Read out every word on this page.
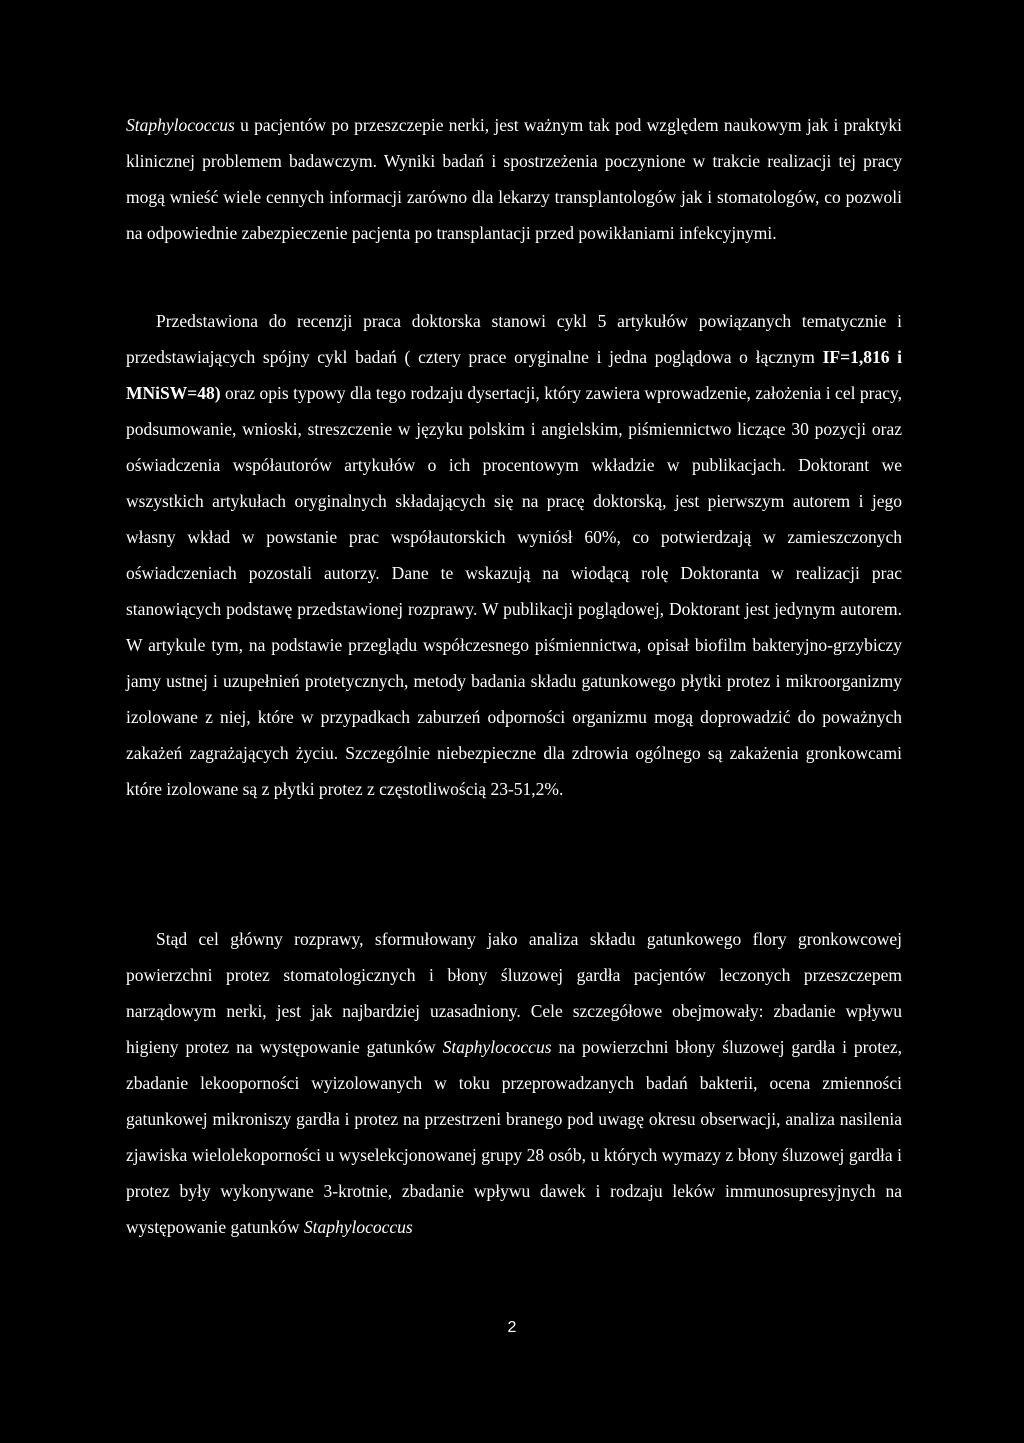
Staphylococcus u pacjentów po przeszczepie nerki, jest ważnym tak pod względem naukowym jak i praktyki klinicznej problemem badawczym. Wyniki badań i spostrzeżenia poczynione w trakcie realizacji tej pracy mogą wnieść wiele cennych informacji zarówno dla lekarzy transplantologów jak i stomatologów, co pozwoli na odpowiednie zabezpieczenie pacjenta po transplantacji przed powikłaniami infekcyjnymi.

Przedstawiona do recenzji praca doktorska stanowi cykl 5 artykułów powiązanych tematycznie i przedstawiających spójny cykl badań ( cztery prace oryginalne i jedna poglądowa o łącznym IF=1,816 i MNiSW=48) oraz opis typowy dla tego rodzaju dysertacji, który zawiera wprowadzenie, założenia i cel pracy, podsumowanie, wnioski, streszczenie w języku polskim i angielskim, piśmiennictwo liczące 30 pozycji oraz oświadczenia współautorów artykułów o ich procentowym wkładzie w publikacjach. Doktorant we wszystkich artykułach oryginalnych składających się na pracę doktorską, jest pierwszym autorem i jego własny wkład w powstanie prac współautorskich wyniósł 60%, co potwierdzają w zamieszczonych oświadczeniach pozostali autorzy. Dane te wskazują na wiodącą rolę Doktoranta w realizacji prac stanowiących podstawę przedstawionej rozprawy. W publikacji poglądowej, Doktorant jest jedynym autorem. W artykule tym, na podstawie przeglądu współczesnego piśmiennictwa, opisał biofilm bakteryjno-grzybiczy jamy ustnej i uzupełnień protetycznych, metody badania składu gatunkowego płytki protez i mikroorganizmy izolowane z niej, które w przypadkach zaburzeń odporności organizmu mogą doprowadzić do poważnych zakażeń zagrażających życiu. Szczególnie niebezpieczne dla zdrowia ogólnego są zakażenia gronkowcami które izolowane są z płytki protez z częstotliwością 23-51,2%.

Stąd cel główny rozprawy, sformułowany jako analiza składu gatunkowego flory gronkowcowej powierzchni protez stomatologicznych i błony śluzowej gardła pacjentów leczonych przeszczepem narządowym nerki, jest jak najbardziej uzasadniony. Cele szczegółowe obejmowały: zbadanie wpływu higieny protez na występowanie gatunków Staphylococcus na powierzchni błony śluzowej gardła i protez, zbadanie lekooporności wyizolowanych w toku przeprowadzanych badań bakterii, ocena zmienności gatunkowej mikroniszy gardła i protez na przestrzeni branego pod uwagę okresu obserwacji, analiza nasilenia zjawiska wielolekoporności u wyselekcjonowanej grupy 28 osób, u których wymazy z błony śluzowej gardła i protez były wykonywane 3-krotnie, zbadanie wpływu dawek i rodzaju leków immunosupresyjnych na występowanie gatunków Staphylococcus

2
